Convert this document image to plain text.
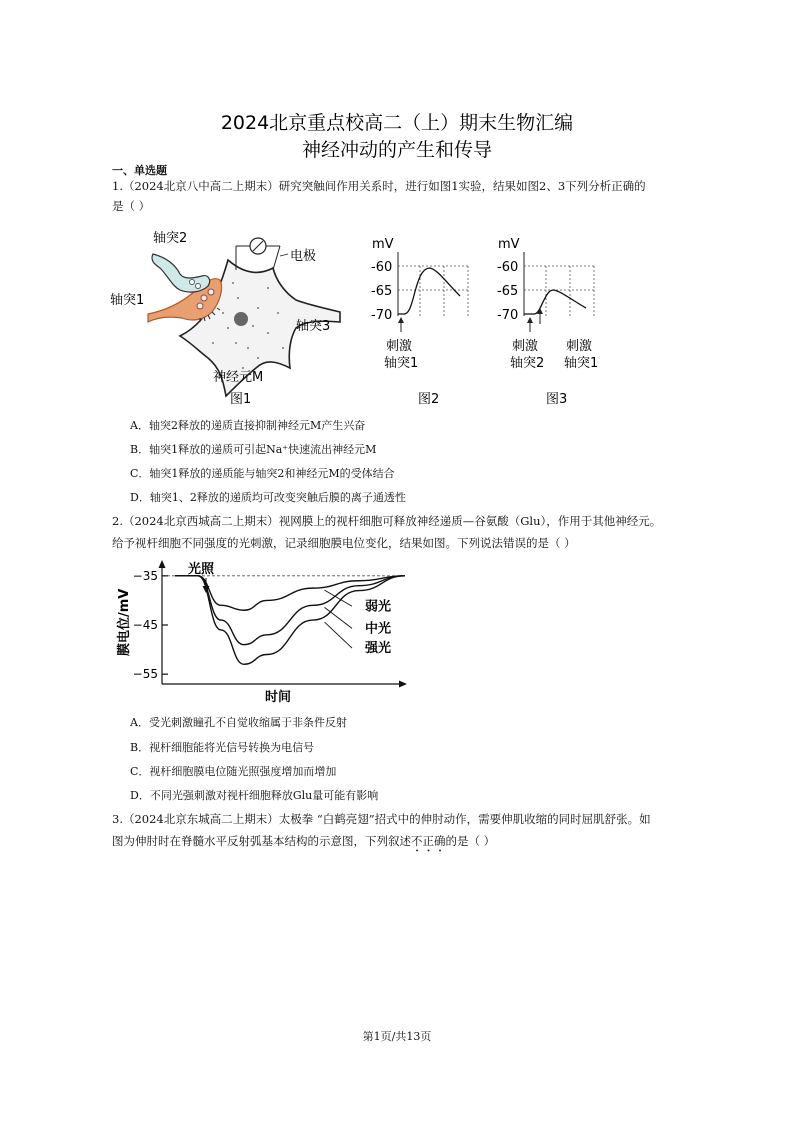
2024北京重点校高二（上）期末生物汇编
神经冲动的产生和传导
一、单选题
1.（2024北京八中高二上期末）研究突触间作用关系时，进行如图1实验，结果如图2、3下列分析正确的
是（ ）
轴突2
电极
轴突1
轴突3
神经元M
图1
mV
-60
-65
-70
刺激
轴突1
图2
mV
-60
-65
-70
刺激
轴突2
刺激
轴突1
图3
A．轴突2释放的递质直接抑制神经元M产生兴奋
B．轴突1释放的递质可引起Na⁺快速流出神经元M
C．轴突1释放的递质能与轴突2和神经元M的受体结合
D．轴突1、2释放的递质均可改变突触后膜的离子通透性
2.（2024北京西城高二上期末）视网膜上的视杆细胞可释放神经递质—谷氨酸（Glu），作用于其他神经元。
给予视杆细胞不同强度的光刺激，记录细胞膜电位变化，结果如图。下列说法错误的是（ ）
−35
−45
−55
弱光
中光
强光
光照
膜电位/mV
时间
A．受光刺激瞳孔不自觉收缩属于非条件反射
B．视杆细胞能将光信号转换为电信号
C．视杆细胞膜电位随光照强度增加而增加
D．不同光强刺激对视杆细胞释放Glu量可能有影响
3.（2024北京东城高二上期末）太极拳 “白鹤亮翅”招式中的伸肘动作，需要伸肌收缩的同时屈肌舒张。如
图为伸肘时在脊髓水平反射弧基本结构的示意图，下列叙述不正确的是（ ）
第1页/共13页
